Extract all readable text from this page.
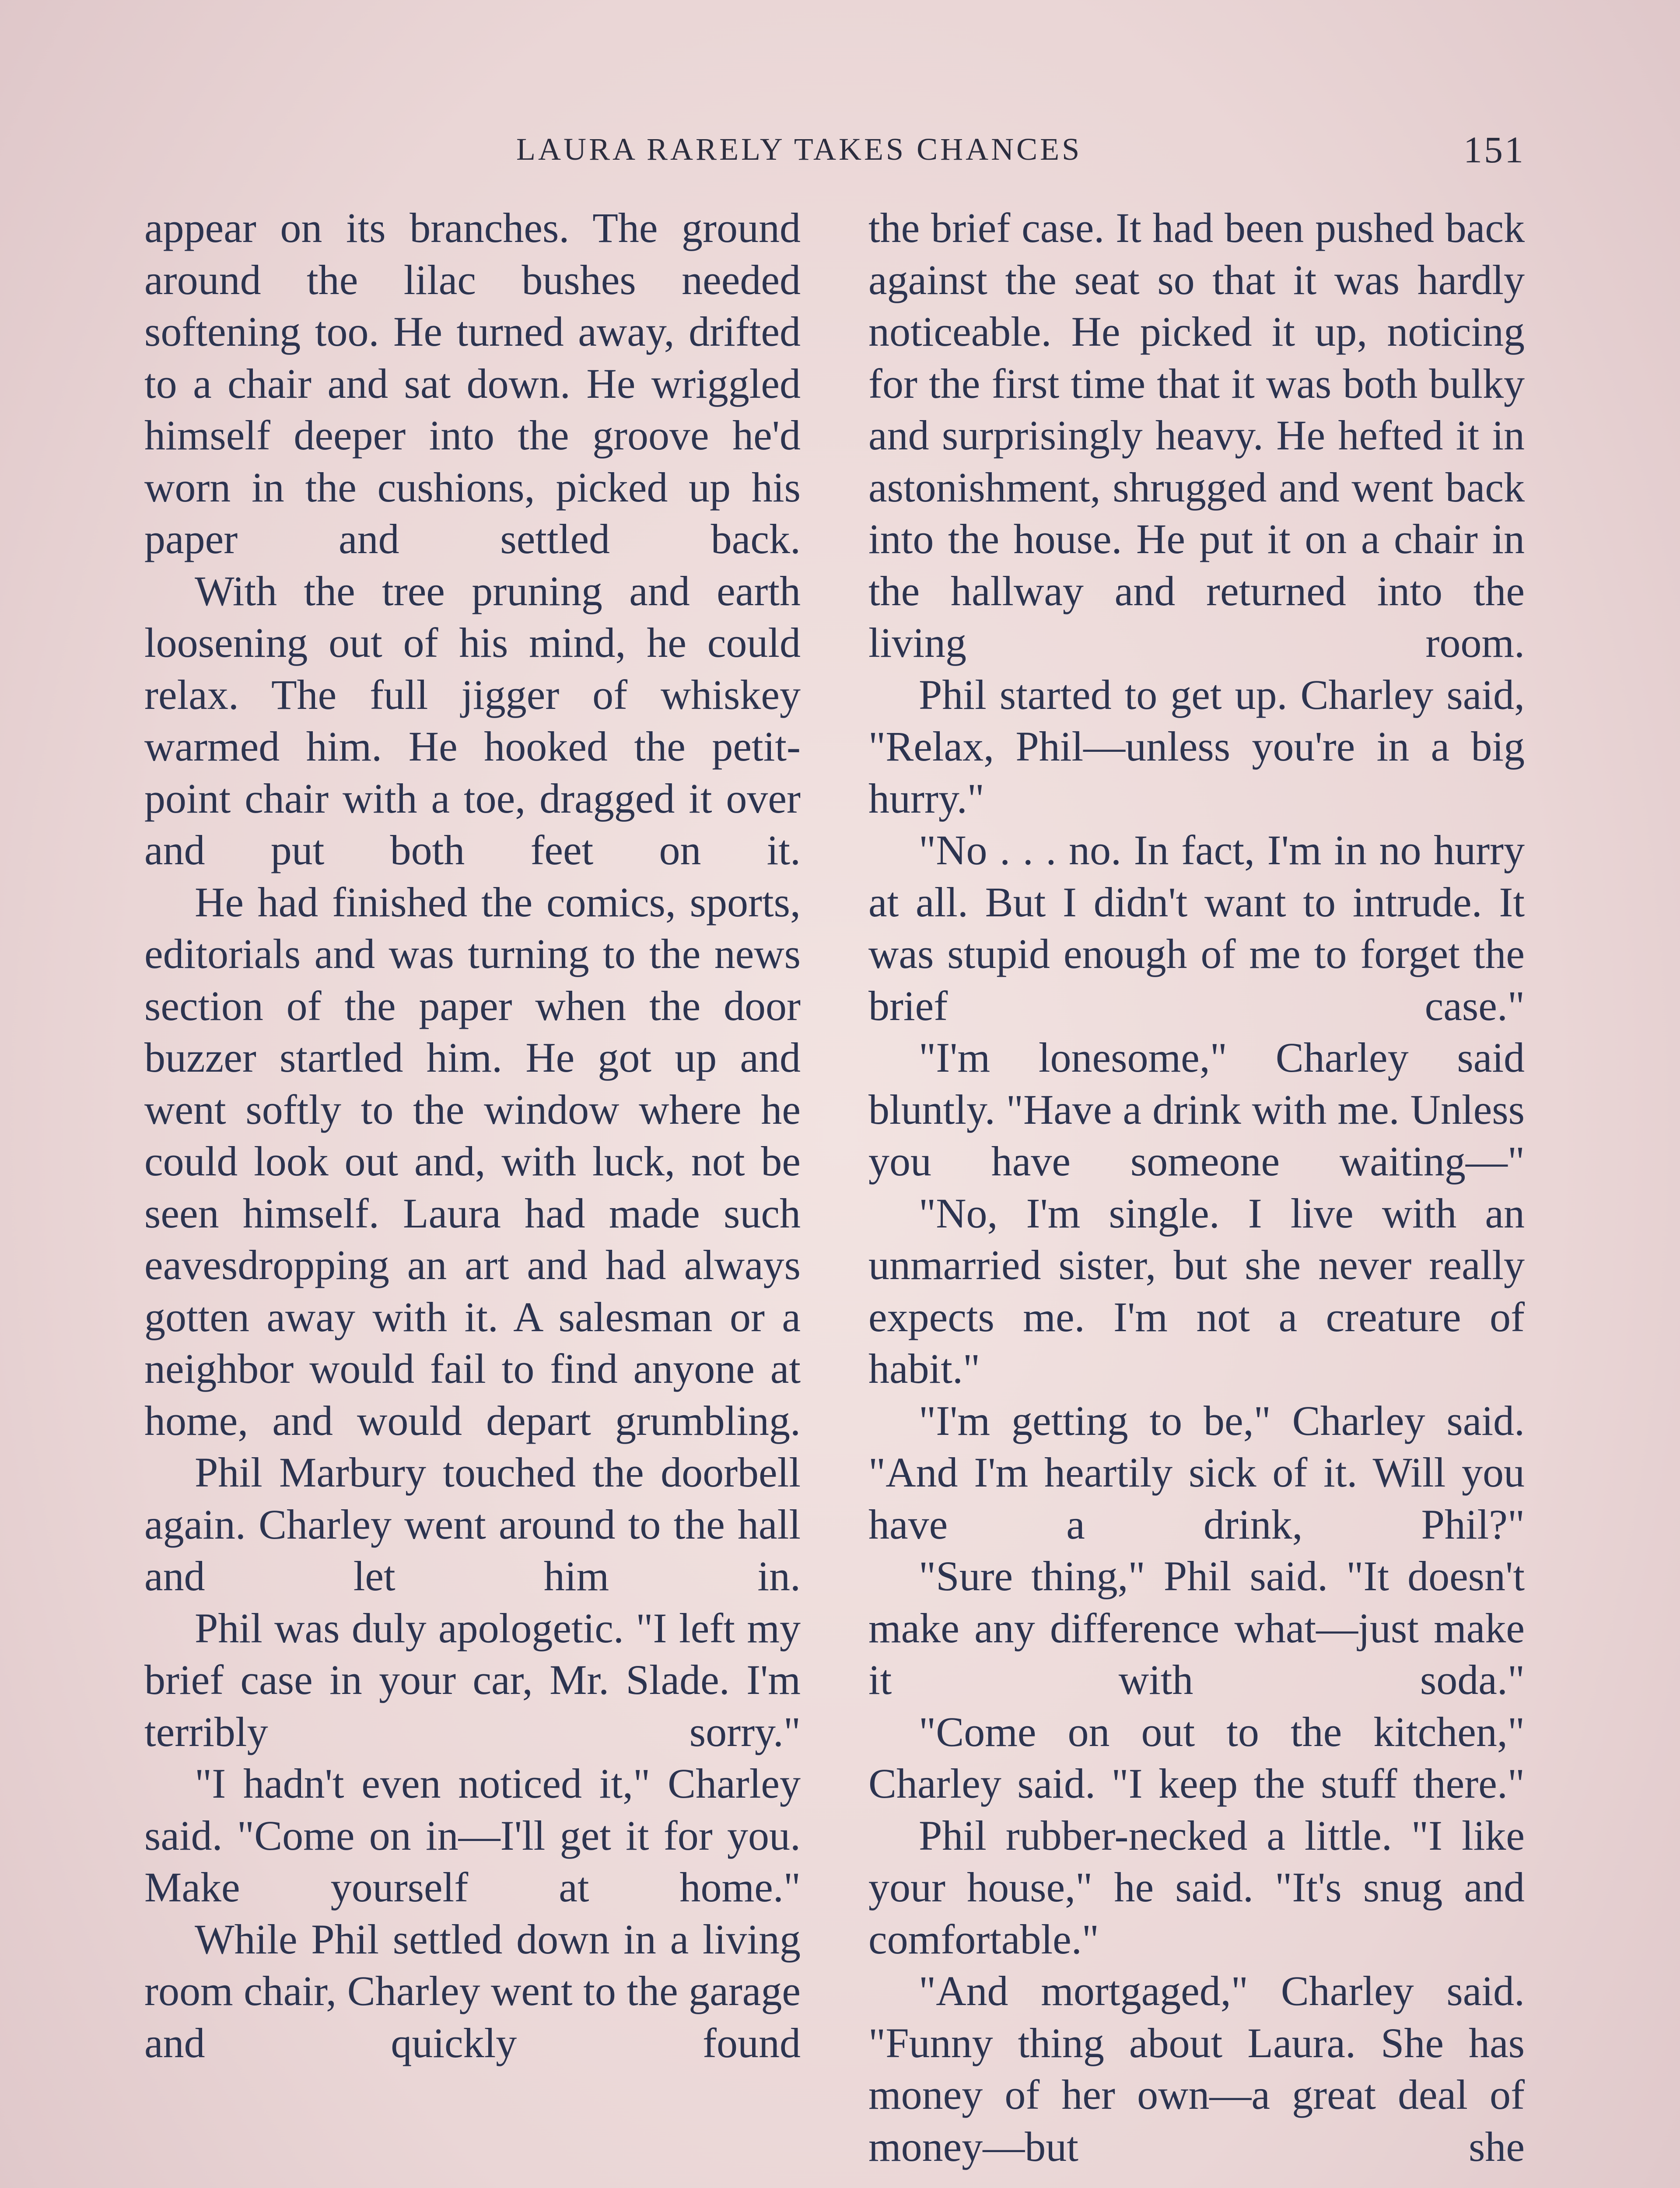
LAURA RARELY TAKES CHANCES	151

appear on its branches. The ground around the lilac bushes needed softening too. He turned away, drifted to a chair and sat down. He wriggled himself deeper into the groove he'd worn in the cushions, picked up his paper and settled back.

With the tree pruning and earth loosening out of his mind, he could relax. The full jigger of whiskey warmed him. He hooked the petit-point chair with a toe, dragged it over and put both feet on it.

He had finished the comics, sports, editorials and was turning to the news section of the paper when the door buzzer startled him. He got up and went softly to the window where he could look out and, with luck, not be seen himself. Laura had made such eavesdropping an art and had always gotten away with it. A salesman or a neighbor would fail to find anyone at home, and would depart grumbling.

Phil Marbury touched the doorbell again. Charley went around to the hall and let him in.

Phil was duly apologetic. "I left my brief case in your car, Mr. Slade. I'm terribly sorry."

"I hadn't even noticed it," Charley said. "Come on in—I'll get it for you. Make yourself at home."

While Phil settled down in a living room chair, Charley went to the garage and quickly found

the brief case. It had been pushed back against the seat so that it was hardly noticeable. He picked it up, noticing for the first time that it was both bulky and surprisingly heavy. He hefted it in astonishment, shrugged and went back into the house. He put it on a chair in the hallway and returned into the living room.

Phil started to get up. Charley said, "Relax, Phil—unless you're in a big hurry."

"No . . . no. In fact, I'm in no hurry at all. But I didn't want to intrude. It was stupid enough of me to forget the brief case."

"I'm lonesome," Charley said bluntly. "Have a drink with me. Unless you have someone waiting—"

"No, I'm single. I live with an unmarried sister, but she never really expects me. I'm not a creature of habit."

"I'm getting to be," Charley said. "And I'm heartily sick of it. Will you have a drink, Phil?"

"Sure thing," Phil said. "It doesn't make any difference what—just make it with soda."

"Come on out to the kitchen," Charley said. "I keep the stuff there."

Phil rubber-necked a little. "I like your house," he said. "It's snug and comfortable."

"And mortgaged," Charley said. "Funny thing about Laura. She has money of her own—a great deal of money—but she
